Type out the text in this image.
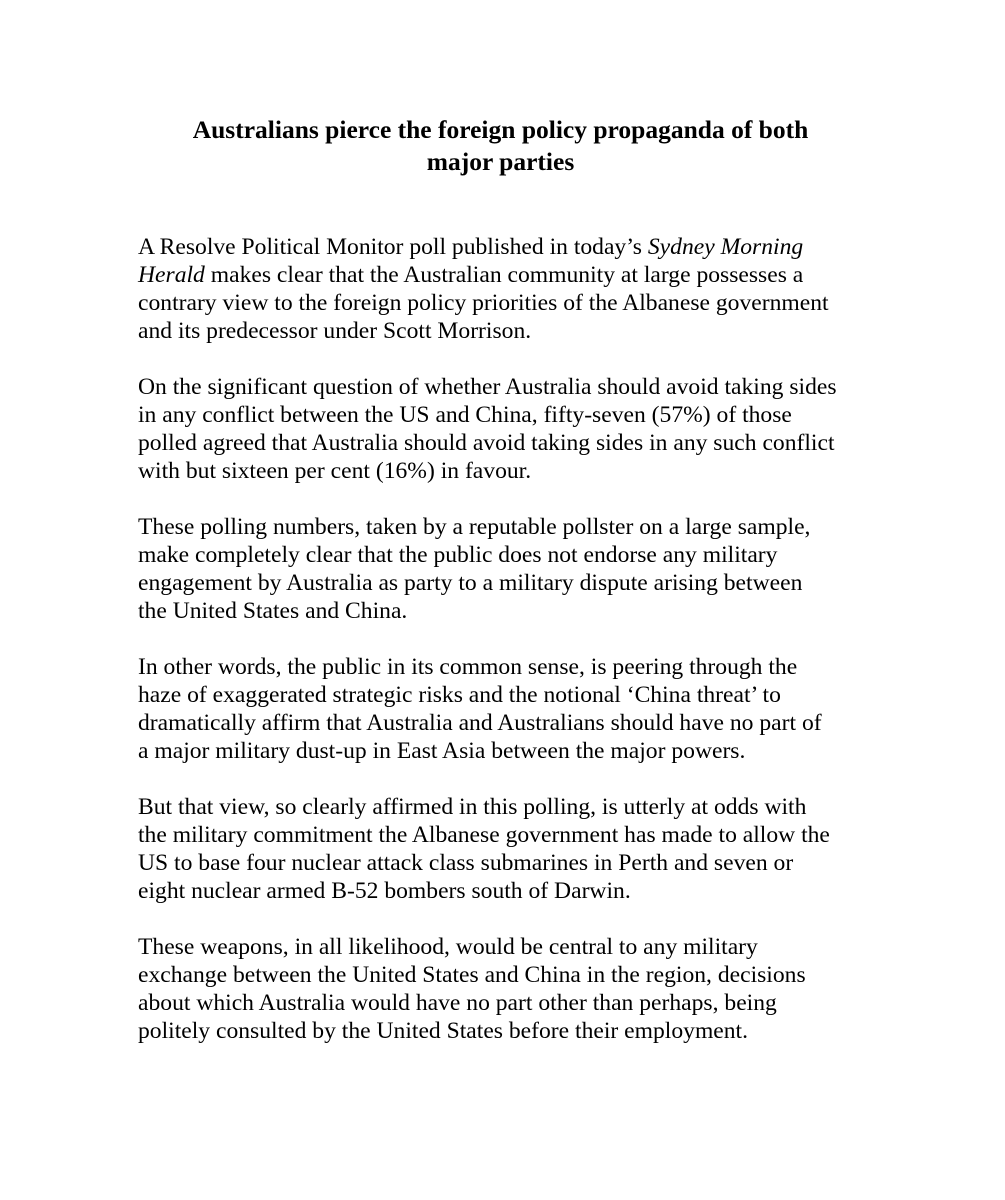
Australians pierce the foreign policy propaganda of both
major parties

A Resolve Political Monitor poll published in today’s Sydney Morning
Herald makes clear that the Australian community at large possesses a
contrary view to the foreign policy priorities of the Albanese government
and its predecessor under Scott Morrison.

On the significant question of whether Australia should avoid taking sides
in any conflict between the US and China, fifty-seven (57%) of those
polled agreed that Australia should avoid taking sides in any such conflict
with but sixteen per cent (16%) in favour.

These polling numbers, taken by a reputable pollster on a large sample,
make completely clear that the public does not endorse any military
engagement by Australia as party to a military dispute arising between
the United States and China.

In other words, the public in its common sense, is peering through the
haze of exaggerated strategic risks and the notional ‘China threat’ to
dramatically affirm that Australia and Australians should have no part of
a major military dust-up in East Asia between the major powers.

But that view, so clearly affirmed in this polling, is utterly at odds with
the military commitment the Albanese government has made to allow the
US to base four nuclear attack class submarines in Perth and seven or
eight nuclear armed B-52 bombers south of Darwin.

These weapons, in all likelihood, would be central to any military
exchange between the United States and China in the region, decisions
about which Australia would have no part other than perhaps, being
politely consulted by the United States before their employment.
